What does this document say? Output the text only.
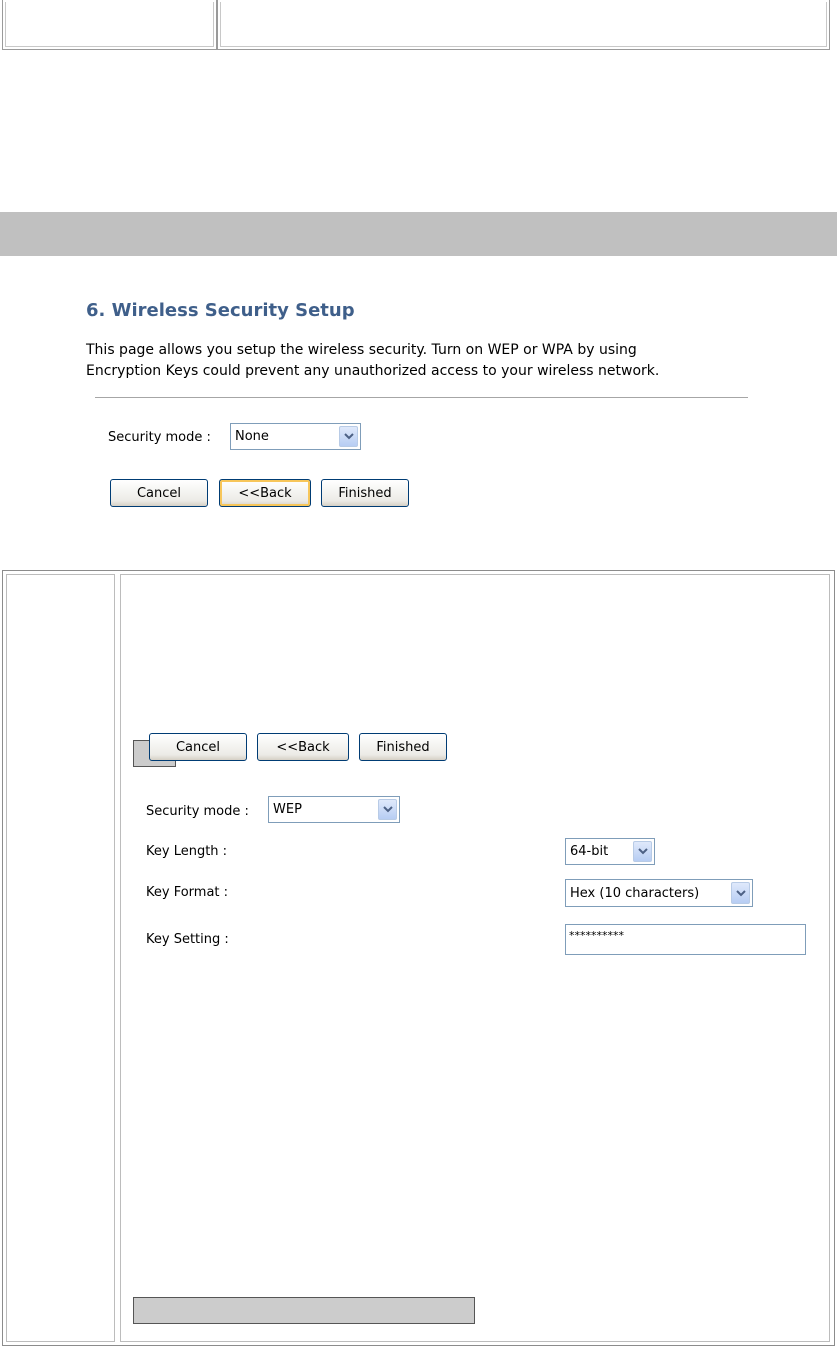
6. Wireless Security Setup
This page allows you setup the wireless security. Turn on WEP or WPA by using
Encryption Keys could prevent any unauthorized access to your wireless network.
Security mode : None
Cancel	<<Back	Finished
Security mode : WEP
Key Length :	64-bit
Key Format :	Hex (10 characters)
Key Setting :	**********
Cancel	<<Back	Finished
